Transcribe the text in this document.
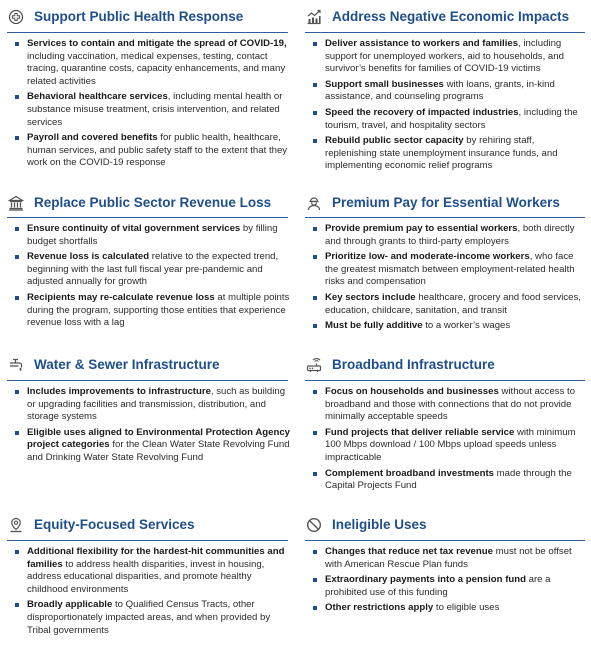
Support Public Health Response
Services to contain and mitigate the spread of COVID-19, including vaccination, medical expenses, testing, contact tracing, quarantine costs, capacity enhancements, and many related activities
Behavioral healthcare services, including mental health or substance misuse treatment, crisis intervention, and related services
Payroll and covered benefits for public health, healthcare, human services, and public safety staff to the extent that they work on the COVID-19 response
Address Negative Economic Impacts
Deliver assistance to workers and families, including support for unemployed workers, aid to households, and survivor’s benefits for families of COVID-19 victims
Support small businesses with loans, grants, in-kind assistance, and counseling programs
Speed the recovery of impacted industries, including the tourism, travel, and hospitality sectors
Rebuild public sector capacity by rehiring staff, replenishing state unemployment insurance funds, and implementing economic relief programs
Replace Public Sector Revenue Loss
Ensure continuity of vital government services by filling budget shortfalls
Revenue loss is calculated relative to the expected trend, beginning with the last full fiscal year pre-pandemic and adjusted annually for growth
Recipients may re-calculate revenue loss at multiple points during the program, supporting those entities that experience revenue loss with a lag
Premium Pay for Essential Workers
Provide premium pay to essential workers, both directly and through grants to third-party employers
Prioritize low- and moderate-income workers, who face the greatest mismatch between employment-related health risks and compensation
Key sectors include healthcare, grocery and food services, education, childcare, sanitation, and transit
Must be fully additive to a worker’s wages
Water & Sewer Infrastructure
Includes improvements to infrastructure, such as building or upgrading facilities and transmission, distribution, and storage systems
Eligible uses aligned to Environmental Protection Agency project categories for the Clean Water State Revolving Fund and Drinking Water State Revolving Fund
Broadband Infrastructure
Focus on households and businesses without access to broadband and those with connections that do not provide minimally acceptable speeds
Fund projects that deliver reliable service with minimum 100 Mbps download / 100 Mbps upload speeds unless impracticable
Complement broadband investments made through the Capital Projects Fund
Equity-Focused Services
Additional flexibility for the hardest-hit communities and families to address health disparities, invest in housing, address educational disparities, and promote healthy childhood environments
Broadly applicable to Qualified Census Tracts, other disproportionately impacted areas, and when provided by Tribal governments
Ineligible Uses
Changes that reduce net tax revenue must not be offset with American Rescue Plan funds
Extraordinary payments into a pension fund are a prohibited use of this funding
Other restrictions apply to eligible uses
